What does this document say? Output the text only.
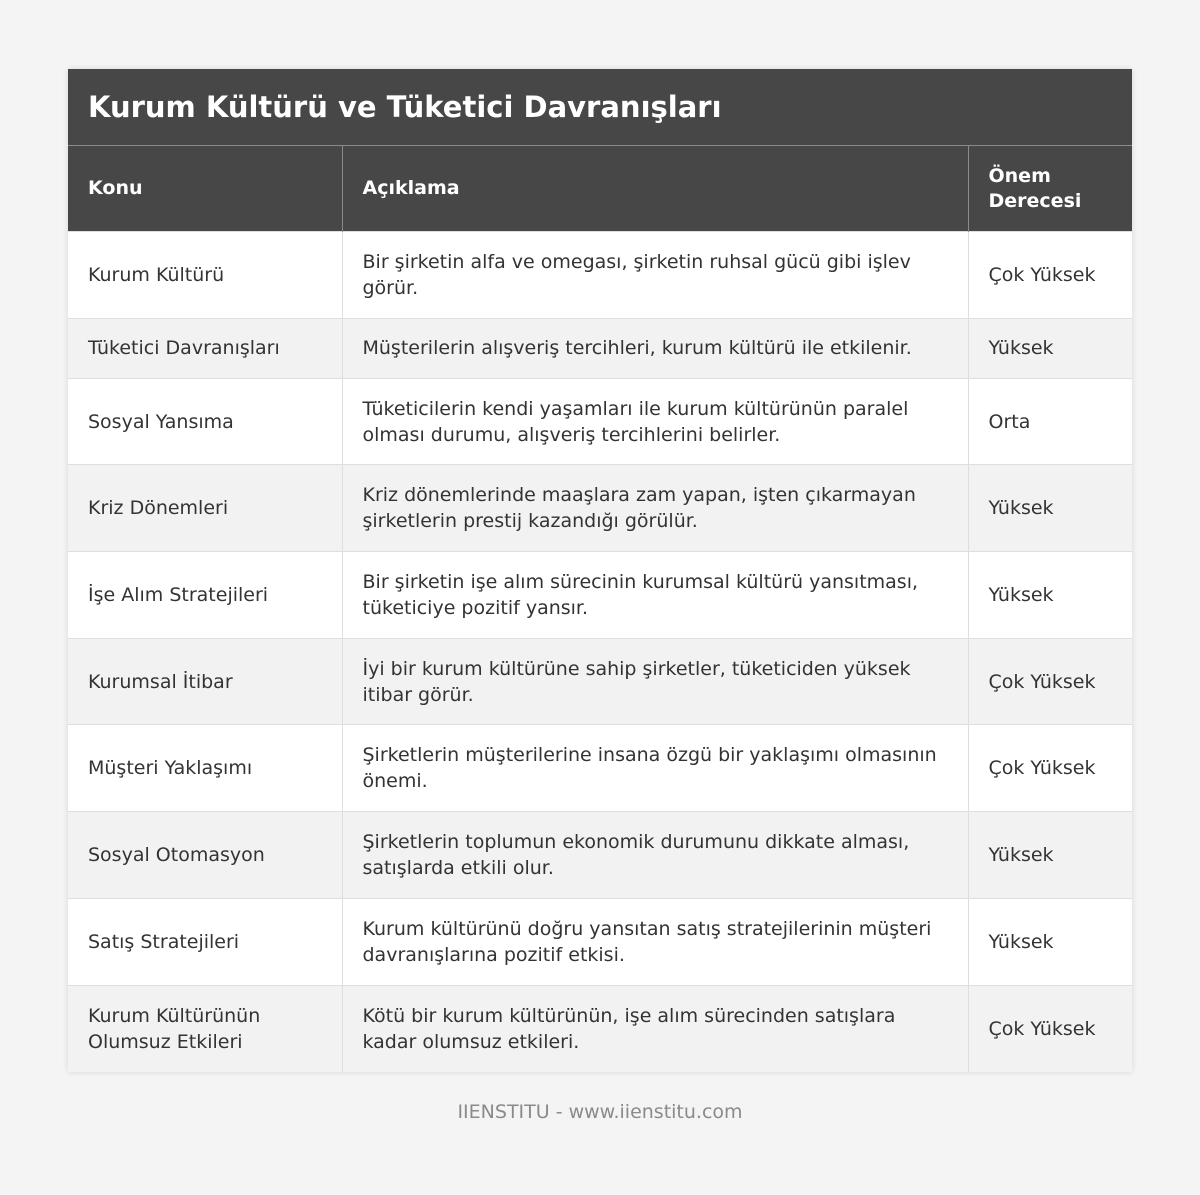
Kurum Kültürü ve Tüketici Davranışları
Konu	Açıklama	Önem Derecesi
Kurum Kültürü	Bir şirketin alfa ve omegası, şirketin ruhsal gücü gibi işlev görür.	Çok Yüksek
Tüketici Davranışları	Müşterilerin alışveriş tercihleri, kurum kültürü ile etkilenir.	Yüksek
Sosyal Yansıma	Tüketicilerin kendi yaşamları ile kurum kültürünün paralel olması durumu, alışveriş tercihlerini belirler.	Orta
Kriz Dönemleri	Kriz dönemlerinde maaşlara zam yapan, işten çıkarmayan şirketlerin prestij kazandığı görülür.	Yüksek
İşe Alım Stratejileri	Bir şirketin işe alım sürecinin kurumsal kültürü yansıtması, tüketiciye pozitif yansır.	Yüksek
Kurumsal İtibar	İyi bir kurum kültürüne sahip şirketler, tüketiciden yüksek itibar görür.	Çok Yüksek
Müşteri Yaklaşımı	Şirketlerin müşterilerine insana özgü bir yaklaşımı olmasının önemi.	Çok Yüksek
Sosyal Otomasyon	Şirketlerin toplumun ekonomik durumunu dikkate alması, satışlarda etkili olur.	Yüksek
Satış Stratejileri	Kurum kültürünü doğru yansıtan satış stratejilerinin müşteri davranışlarına pozitif etkisi.	Yüksek
Kurum Kültürünün Olumsuz Etkileri	Kötü bir kurum kültürünün, işe alım sürecinden satışlara kadar olumsuz etkileri.	Çok Yüksek
IIENSTITU - www.iienstitu.com
